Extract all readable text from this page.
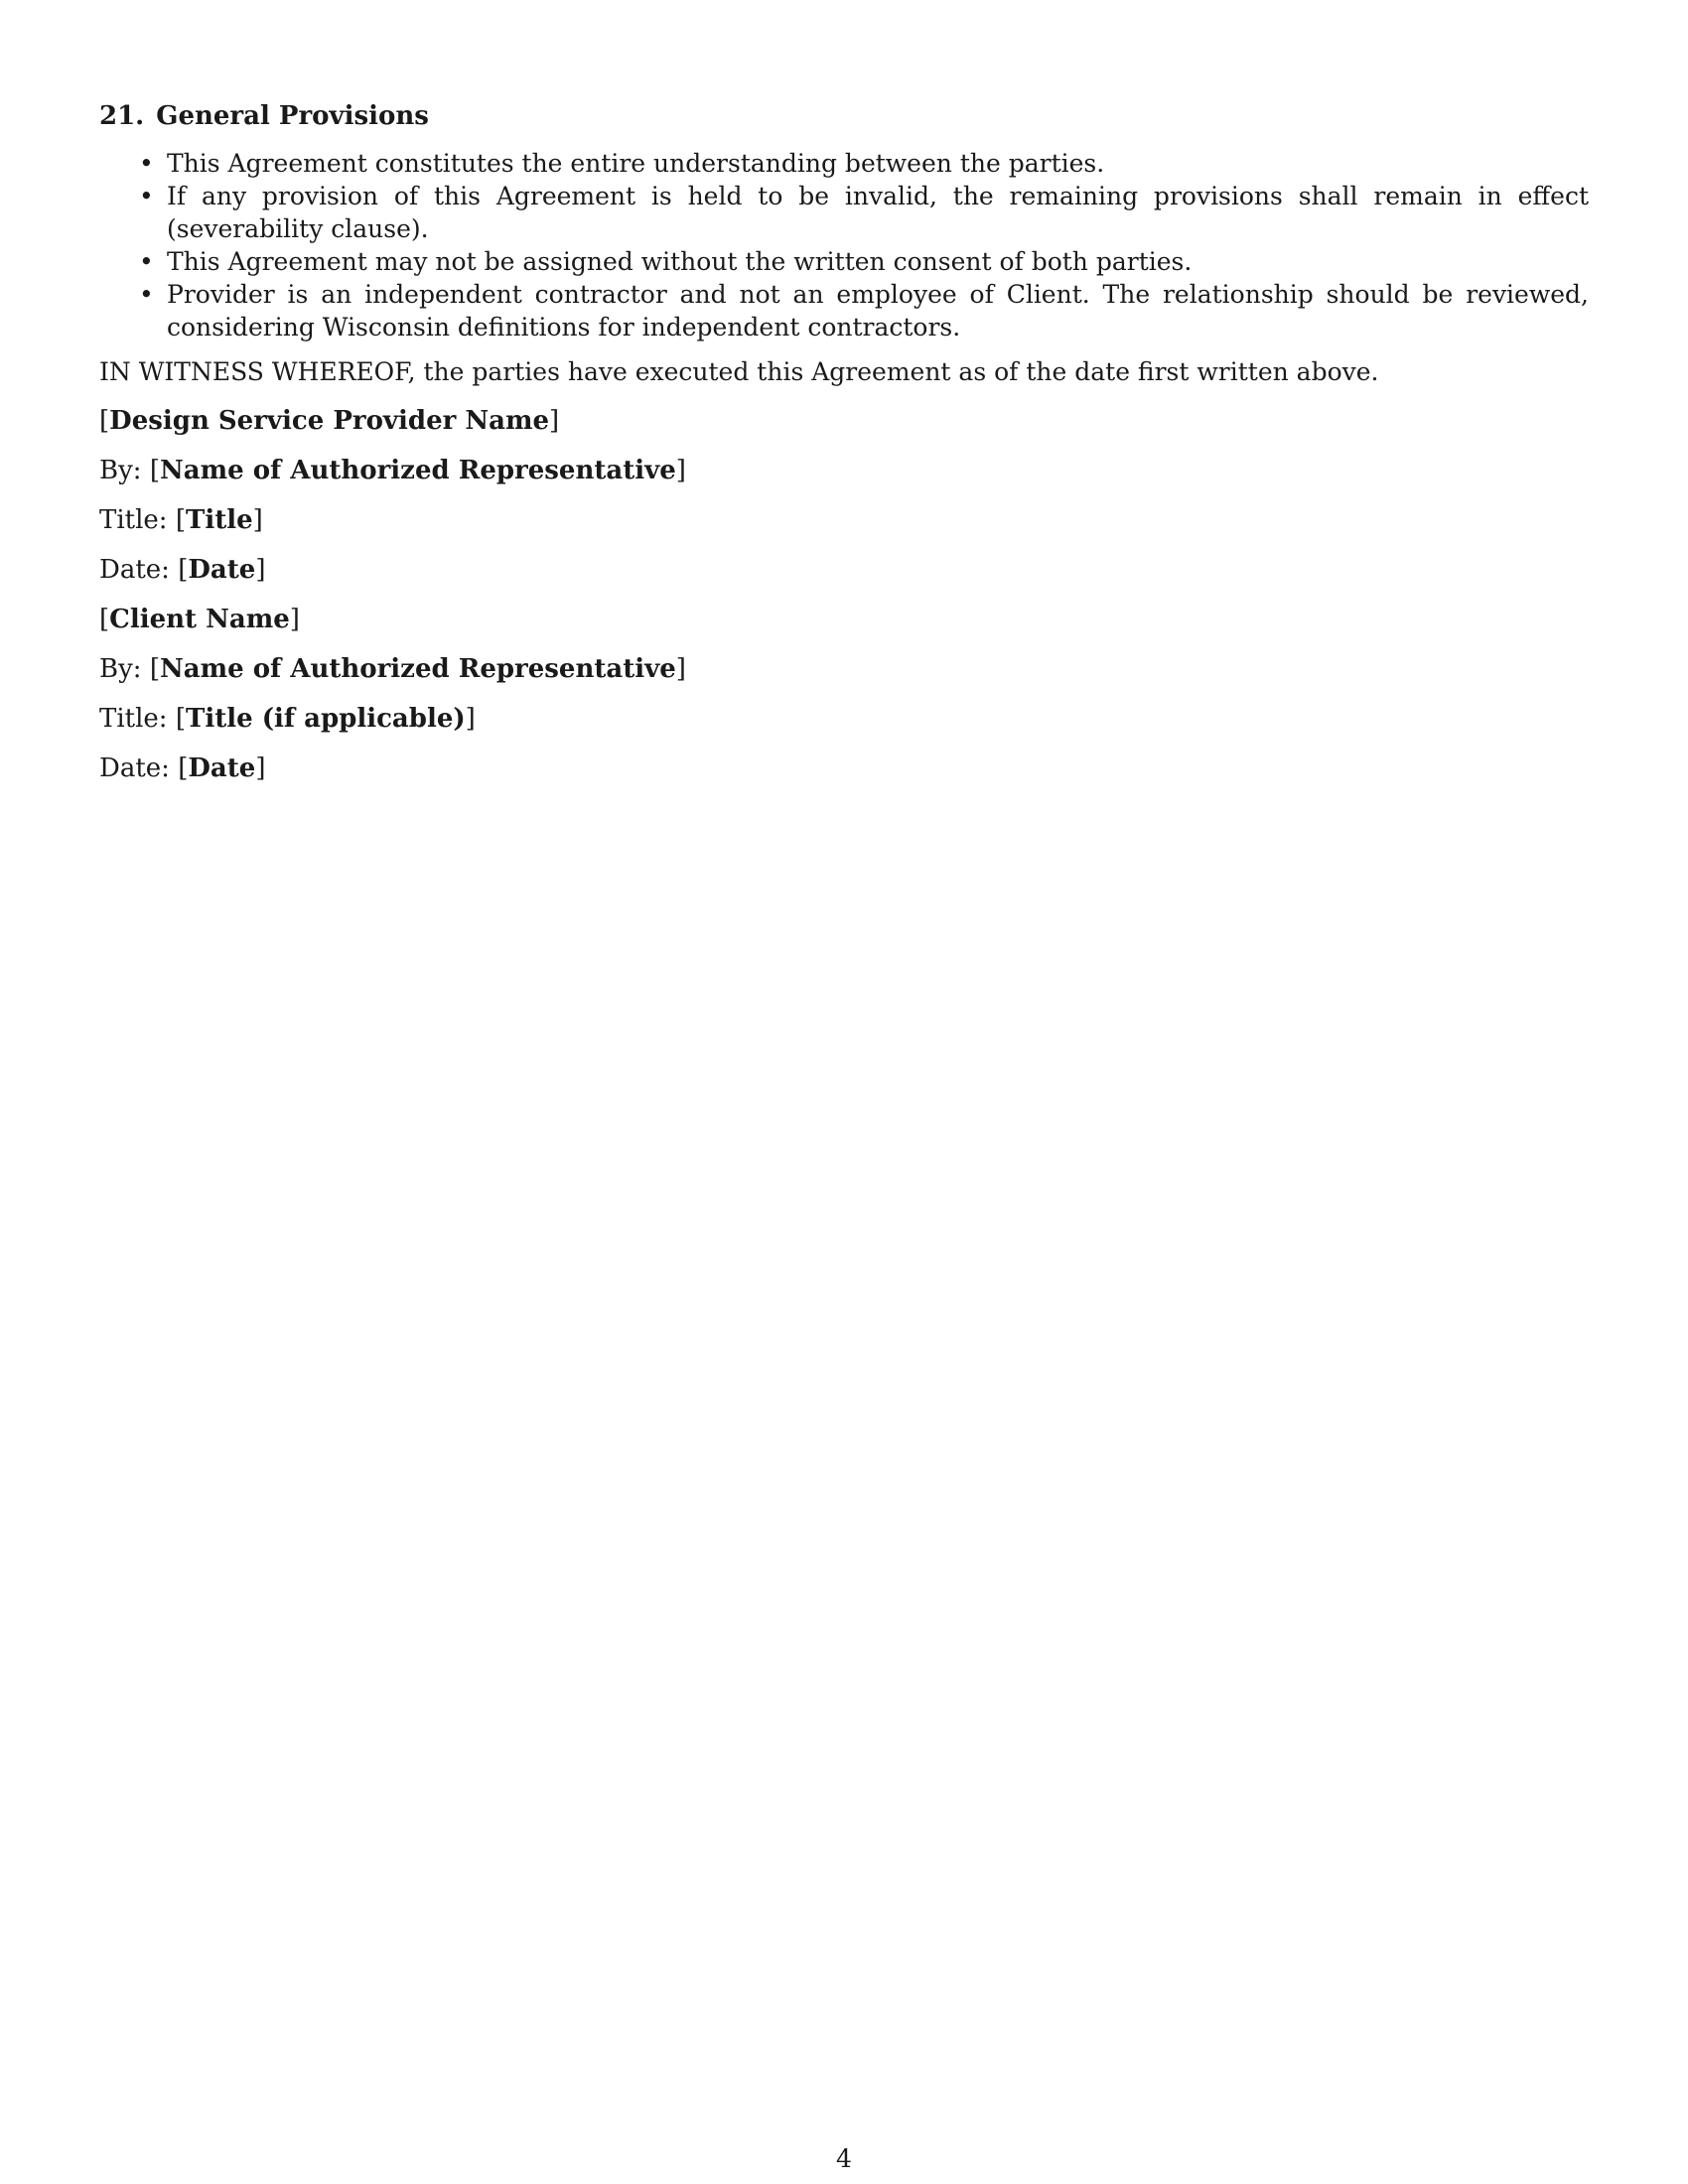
21. General Provisions
• This Agreement constitutes the entire understanding between the parties.
• If any provision of this Agreement is held to be invalid, the remaining provisions shall remain in effect (severability clause).
• This Agreement may not be assigned without the written consent of both parties.
• Provider is an independent contractor and not an employee of Client. The relationship should be reviewed, considering Wisconsin definitions for independent contractors.

IN WITNESS WHEREOF, the parties have executed this Agreement as of the date first written above.

[Design Service Provider Name]
By: [Name of Authorized Representative]
Title: [Title]
Date: [Date]
[Client Name]
By: [Name of Authorized Representative]
Title: [Title (if applicable)]
Date: [Date]
4
